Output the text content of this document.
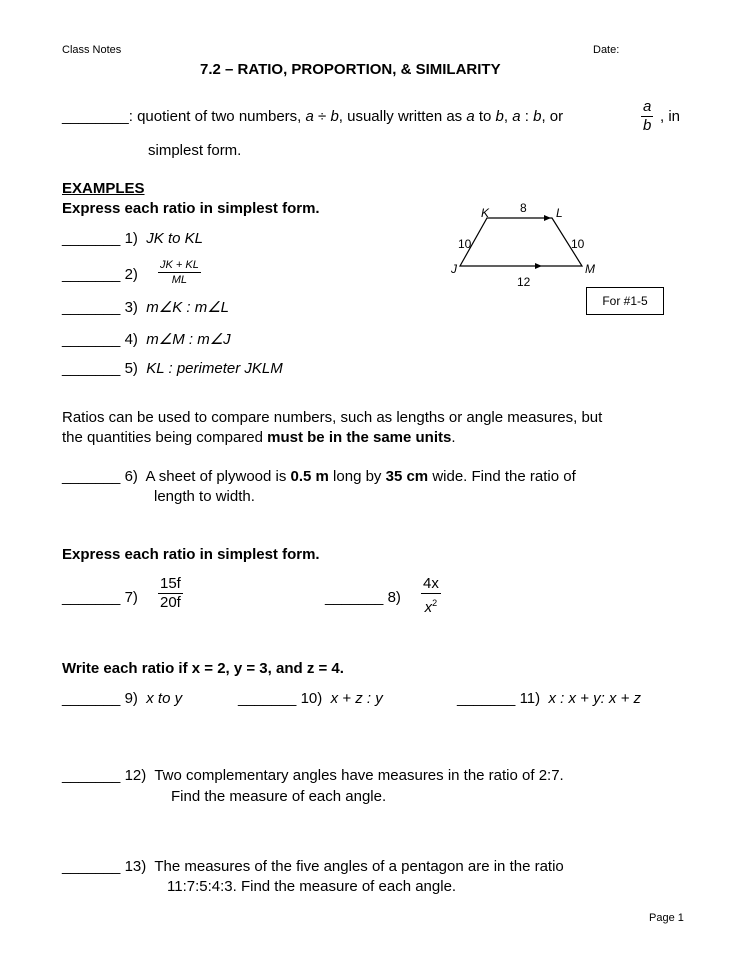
Class Notes	Date:
7.2 – RATIO, PROPORTION, & SIMILARITY
________: quotient of two numbers, a ÷ b, usually written as a to b, a : b, or	$\frac{a}{b}$ , in
simplest form.
EXAMPLES
Express each ratio in simplest form.
_______ 1) JK to KL
_______ $2) \frac{JK + KL}{ML}$
_______ 3) m∠K : m∠L
_______ 4) m∠M : m∠J
_______ 5) KL : perimeter JKLM
K	L
J	M
8
10	10
12
For #1-5
Ratios can be used to compare numbers, such as lengths or angle measures, but
the quantities being compared must be in the same units.
_______ 6) A sheet of plywood is 0.5 m long by 35 cm wide. Find the ratio of
length to width.
Express each ratio in simplest form.
_______ $7) \frac{15f}{20f}$	_______ $8) \frac{4x}{x^2}$
Write each ratio if x = 2, y = 3, and z = 4.
_______ 9) x to y	_______ 10) x + z : y	_______ 11) x : x + y: x + z
_______ 12) Two complementary angles have measures in the ratio of 2:7.
Find the measure of each angle.
_______ 13) The measures of the five angles of a pentagon are in the ratio
11:7:5:4:3. Find the measure of each angle.
Page 1
